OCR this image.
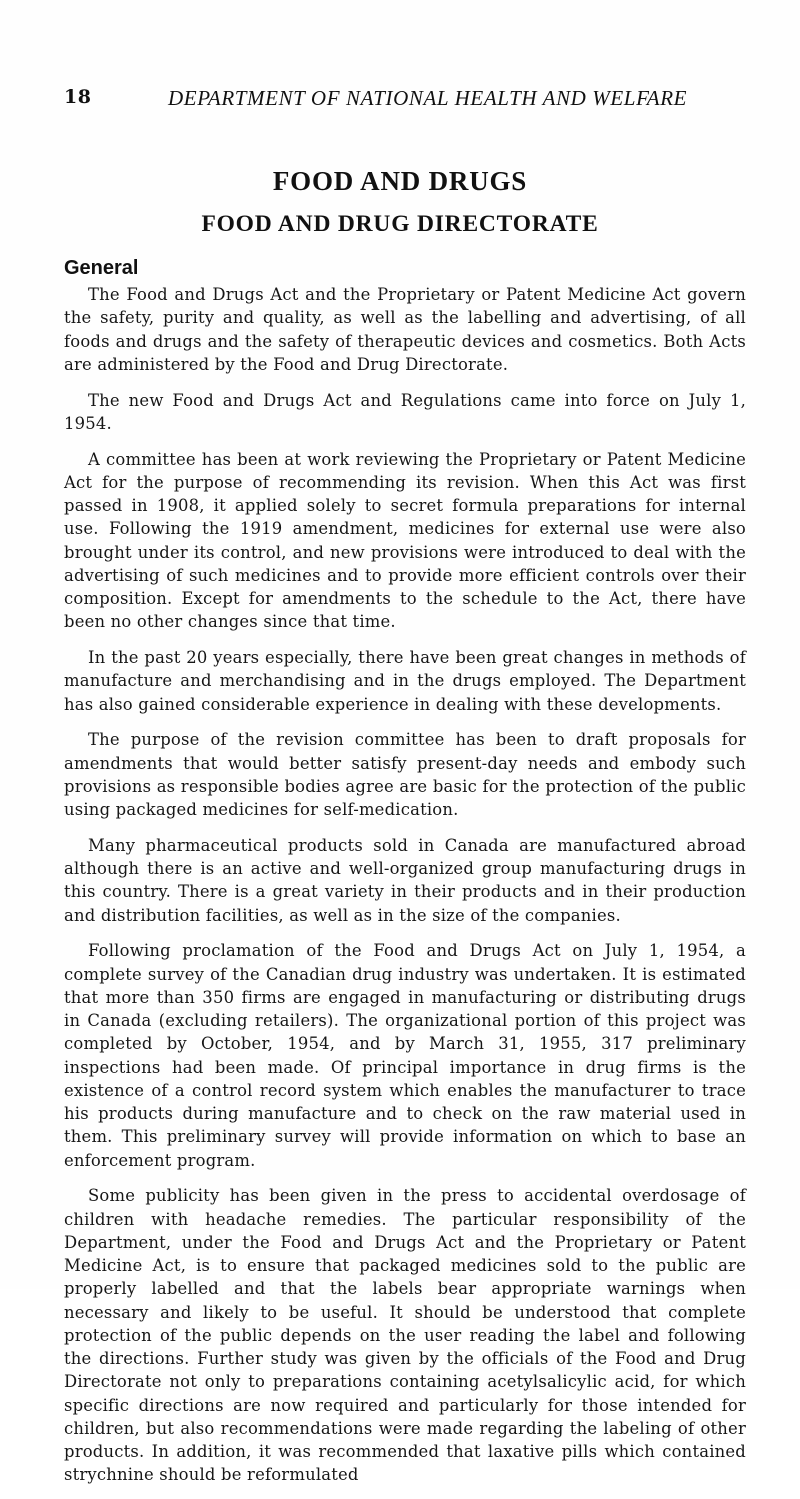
18	DEPARTMENT OF NATIONAL HEALTH AND WELFARE
FOOD AND DRUGS
FOOD AND DRUG DIRECTORATE
General

The Food and Drugs Act and the Proprietary or Patent Medicine Act govern the safety, purity and quality, as well as the labelling and advertising, of all foods and drugs and the safety of therapeutic devices and cosmetics. Both Acts are administered by the Food and Drug Directorate.

The new Food and Drugs Act and Regulations came into force on July 1, 1954.

A committee has been at work reviewing the Proprietary or Patent Medicine Act for the purpose of recommending its revision. When this Act was first passed in 1908, it applied solely to secret formula preparations for internal use. Following the 1919 amendment, medicines for external use were also brought under its control, and new provisions were introduced to deal with the advertising of such medicines and to provide more efficient controls over their composition. Except for amendments to the schedule to the Act, there have been no other changes since that time.

In the past 20 years especially, there have been great changes in methods of manufacture and merchandising and in the drugs employed. The Department has also gained considerable experience in dealing with these developments.

The purpose of the revision committee has been to draft proposals for amendments that would better satisfy present-day needs and embody such provisions as responsible bodies agree are basic for the protection of the public using packaged medicines for self-medication.

Many pharmaceutical products sold in Canada are manufactured abroad although there is an active and well-organized group manufacturing drugs in this country. There is a great variety in their products and in their production and distribution facilities, as well as in the size of the companies.

Following proclamation of the Food and Drugs Act on July 1, 1954, a complete survey of the Canadian drug industry was undertaken. It is estimated that more than 350 firms are engaged in manufacturing or distributing drugs in Canada (excluding retailers). The organizational portion of this project was completed by October, 1954, and by March 31, 1955, 317 preliminary inspections had been made. Of principal importance in drug firms is the existence of a control record system which enables the manufacturer to trace his products during manufacture and to check on the raw material used in them. This preliminary survey will provide information on which to base an enforcement program.

Some publicity has been given in the press to accidental overdosage of children with headache remedies. The particular responsibility of the Department, under the Food and Drugs Act and the Proprietary or Patent Medicine Act, is to ensure that packaged medicines sold to the public are properly labelled and that the labels bear appropriate warnings when necessary and likely to be useful. It should be understood that complete protection of the public depends on the user reading the label and following the directions. Further study was given by the officials of the Food and Drug Directorate not only to preparations containing acetylsalicylic acid, for which specific directions are now required and particularly for those intended for children, but also recommendations were made regarding the labeling of other products. In addition, it was recommended that laxative pills which contained strychnine should be reformulated
